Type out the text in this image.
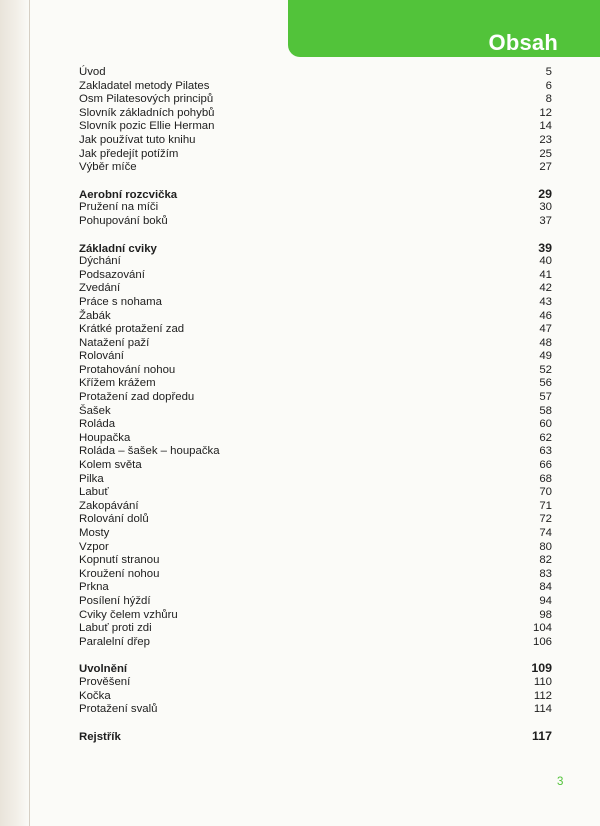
Obsah
Úvod	5
Zakladatel metody Pilates	6
Osm Pilatesových principů	8
Slovník základních pohybů	12
Slovník pozic Ellie Herman	14
Jak používat tuto knihu	23
Jak předejít potížím	25
Výběr míče	27
Aerobní rozcvička	29
Pružení na míči	30
Pohupování boků	37
Základní cviky	39
Dýchání	40
Podsazování	41
Zvedání	42
Práce s nohama	43
Žabák	46
Krátké protažení zad	47
Natažení paží	48
Rolování	49
Protahování nohou	52
Křížem krážem	56
Protažení zad dopředu	57
Šašek	58
Roláda	60
Houpačka	62
Roláda – šašek – houpačka	63
Kolem světa	66
Pilka	68
Labuť	70
Zakopávání	71
Rolování dolů	72
Mosty	74
Vzpor	80
Kopnutí stranou	82
Kroužení nohou	83
Prkna	84
Posílení hýždí	94
Cviky čelem vzhůru	98
Labuť proti zdi	104
Paralelní dřep	106
Uvolnění	109
Prověšení	110
Kočka	112
Protažení svalů	114
Rejstřík	117
3
